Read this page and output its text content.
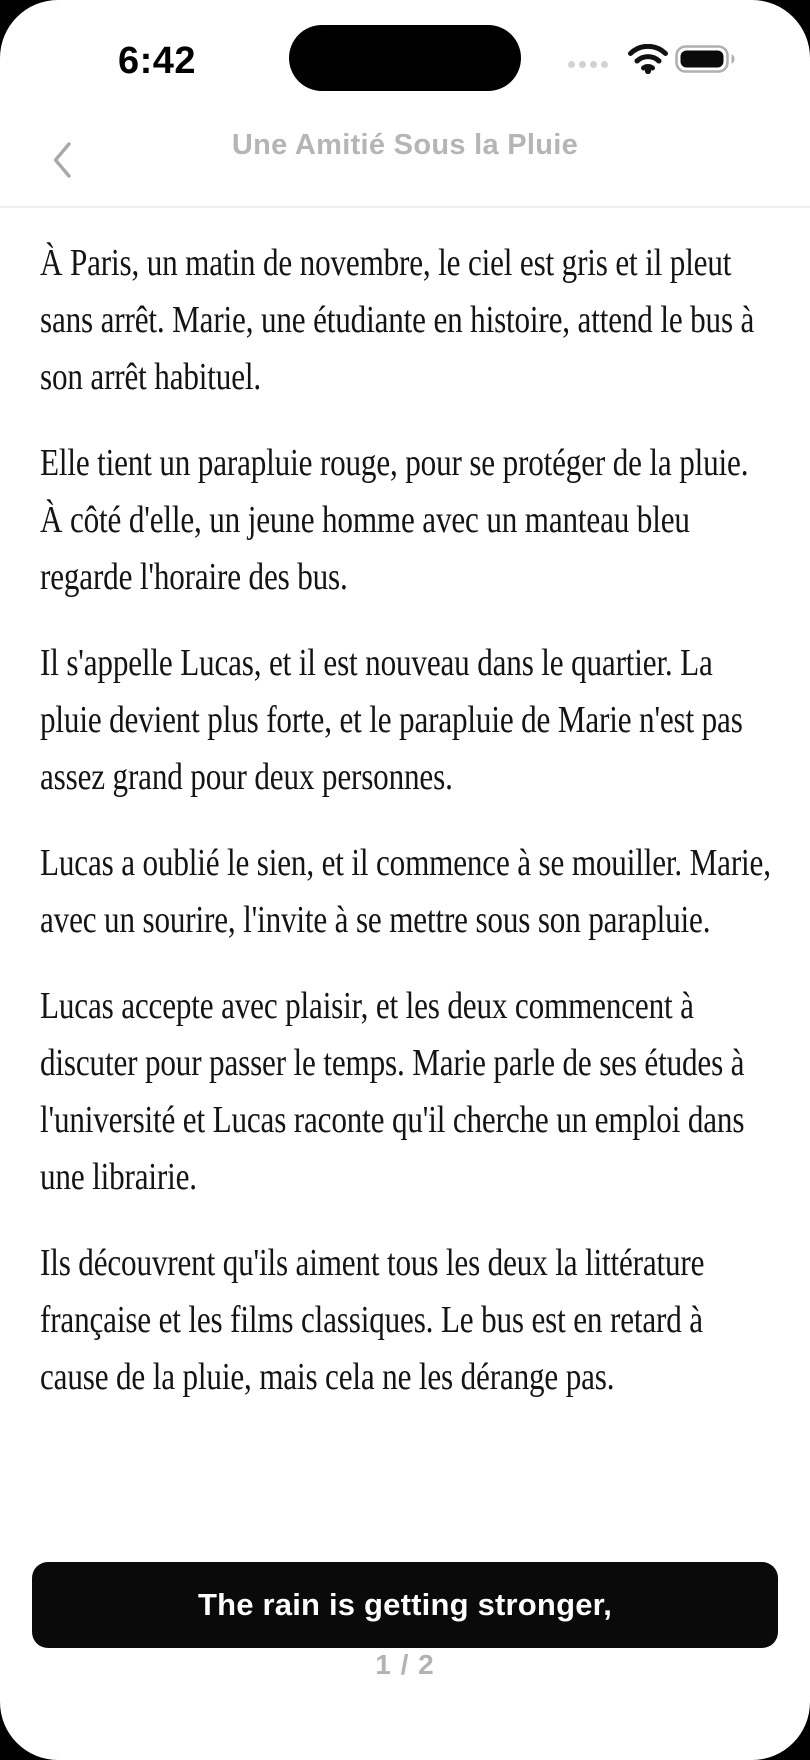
6:42
Une Amitié Sous la Pluie

À Paris, un matin de novembre, le ciel est gris et il pleut sans arrêt. Marie, une étudiante en histoire, attend le bus à son arrêt habituel.

Elle tient un parapluie rouge, pour se protéger de la pluie. À côté d'elle, un jeune homme avec un manteau bleu regarde l'horaire des bus.

Il s'appelle Lucas, et il est nouveau dans le quartier. La pluie devient plus forte, et le parapluie de Marie n'est pas assez grand pour deux personnes.

Lucas a oublié le sien, et il commence à se mouiller. Marie, avec un sourire, l'invite à se mettre sous son parapluie.

Lucas accepte avec plaisir, et les deux commencent à discuter pour passer le temps. Marie parle de ses études à l'université et Lucas raconte qu'il cherche un emploi dans une librairie.

Ils découvrent qu'ils aiment tous les deux la littérature française et les films classiques. Le bus est en retard à cause de la pluie, mais cela ne les dérange pas.

The rain is getting stronger,
1 / 2
